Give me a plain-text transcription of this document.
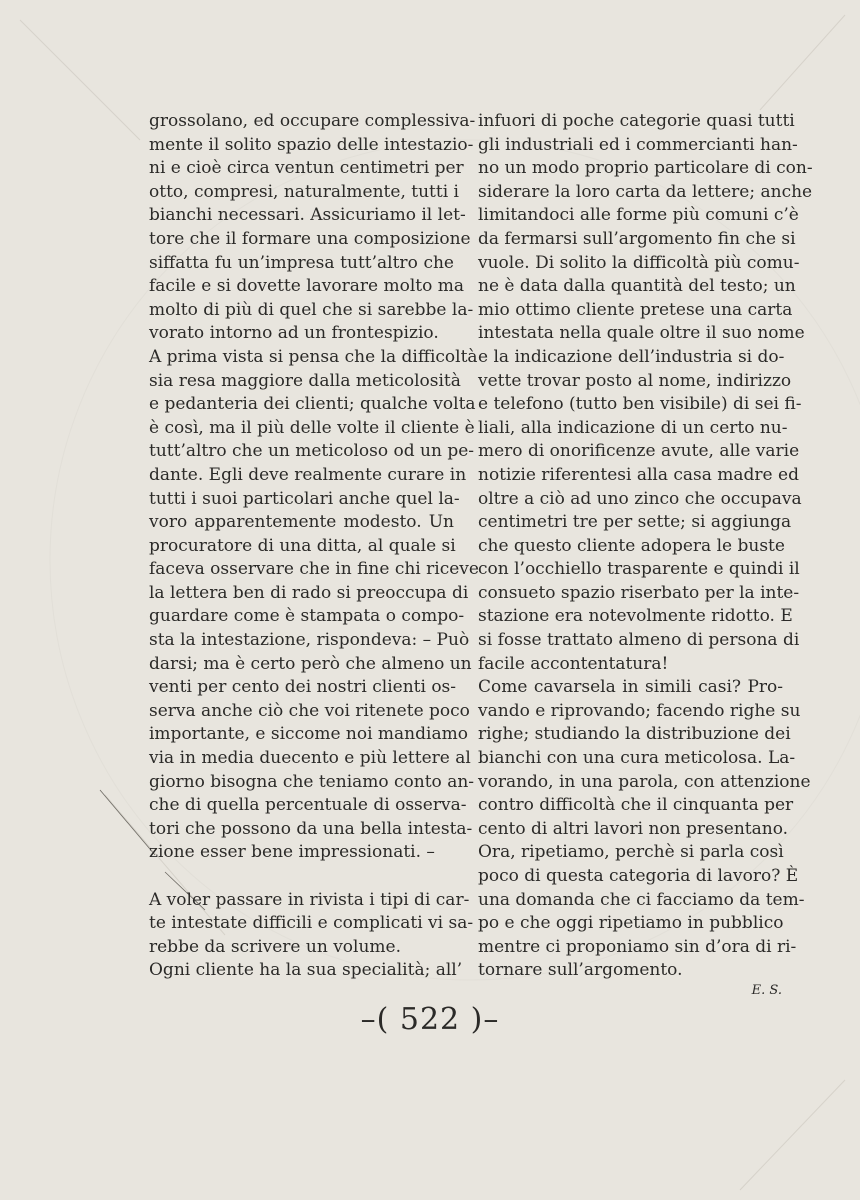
grossolano, ed occupare complessiva-
mente il solito spazio delle intestazio-
ni e cioè circa ventun centimetri per
otto, compresi, naturalmente, tutti i
bianchi necessari. Assicuriamo il let-
tore che il formare una composizione
siffatta fu un’impresa tutt’altro che
facile e si dovette lavorare molto ma
molto di più di quel che si sarebbe la-
vorato intorno ad un frontespizio.
A prima vista si pensa che la difficoltà
sia resa maggiore dalla meticolosità
e pedanteria dei clienti; qualche volta
è così, ma il più delle volte il cliente è
tutt’altro che un meticoloso od un pe-
dante. Egli deve realmente curare in
tutti i suoi particolari anche quel la-
voro apparentemente modesto. Un
procuratore di una ditta, al quale si
faceva osservare che in fine chi riceve
la lettera ben di rado si preoccupa di
guardare come è stampata o compo-
sta la intestazione, rispondeva: – Può
darsi; ma è certo però che almeno un
venti per cento dei nostri clienti os-
serva anche ciò che voi ritenete poco
importante, e siccome noi mandiamo
via in media duecento e più lettere al
giorno bisogna che teniamo conto an-
che di quella percentuale di osserva-
tori che possono da una bella intesta-
zione esser bene impressionati. –
A voler passare in rivista i tipi di car-
te intestate difficili e complicati vi sa-
rebbe da scrivere un volume.
Ogni cliente ha la sua specialità; all’
infuori di poche categorie quasi tutti
gli industriali ed i commercianti han-
no un modo proprio particolare di con-
siderare la loro carta da lettere; anche
limitandoci alle forme più comuni c’è
da fermarsi sull’argomento fin che si
vuole. Di solito la difficoltà più comu-
ne è data dalla quantità del testo; un
mio ottimo cliente pretese una carta
intestata nella quale oltre il suo nome
e la indicazione dell’industria si do-
vette trovar posto al nome, indirizzo
e telefono (tutto ben visibile) di sei fi-
liali, alla indicazione di un certo nu-
mero di onorificenze avute, alle varie
notizie riferentesi alla casa madre ed
oltre a ciò ad uno zinco che occupava
centimetri tre per sette; si aggiunga
che questo cliente adopera le buste
con l’occhiello trasparente e quindi il
consueto spazio riserbato per la inte-
stazione era notevolmente ridotto. E
si fosse trattato almeno di persona di
facile accontentatura!
Come cavarsela in simili casi? Pro-
vando e riprovando; facendo righe su
righe; studiando la distribuzione dei
bianchi con una cura meticolosa. La-
vorando, in una parola, con attenzione
contro difficoltà che il cinquanta per
cento di altri lavori non presentano.
Ora, ripetiamo, perchè si parla così
poco di questa categoria di lavoro? È
una domanda che ci facciamo da tem-
po e che oggi ripetiamo in pubblico
mentre ci proponiamo sin d’ora di ri-
tornare sull’argomento.
E. S.
–( 522 )–
